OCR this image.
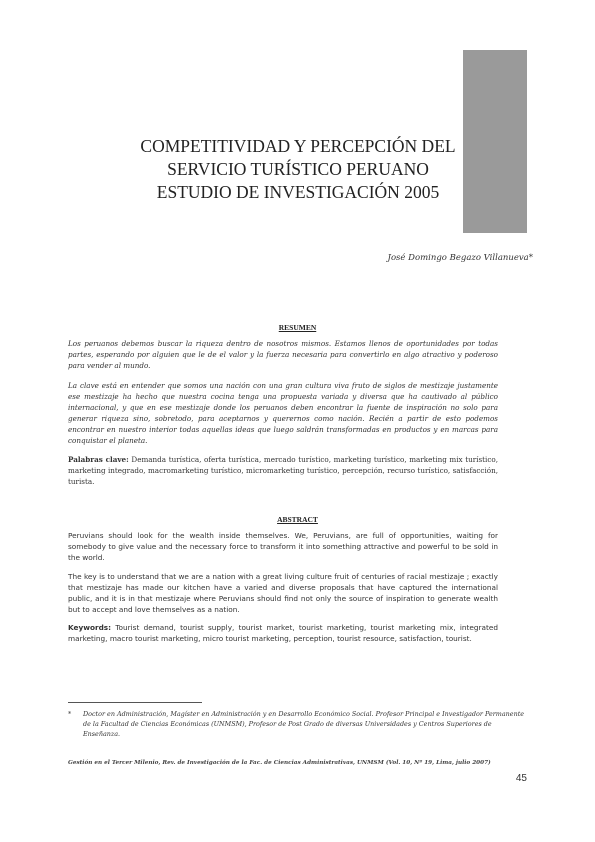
COMPETITIVIDAD Y PERCEPCIÓN DEL
SERVICIO TURÍSTICO PERUANO
ESTUDIO DE INVESTIGACIÓN 2005
José Domingo Begazo Villanueva*
RESUMEN
Los peruanos debemos buscar la riqueza dentro de nosotros mismos. Estamos llenos de oportunidades por todas partes, esperando por alguien que le de el valor y la fuerza necesaria para convertirlo en algo atractivo y poderoso para vender al mundo.
La clave está en entender que somos una nación con una gran cultura viva fruto de siglos de mestizaje justamente ese mestizaje ha hecho que nuestra cocina tenga una propuesta variada y diversa que ha cautivado al público internacional, y que en ese mestizaje donde los peruanos deben encontrar la fuente de inspiración no solo para generar riqueza sino, sobretodo, para aceptarnos y querernos como nación. Recién a partir de esto podemos encontrar en nuestro interior todas aquellas ideas que luego saldrán transformadas en productos y en marcas para conquistar el planeta.
Palabras clave: Demanda turística, oferta turística, mercado turístico, marketing turístico, marketing mix turístico, marketing integrado, macromarketing turístico, micromarketing turístico, percepción, recurso turístico, satisfacción, turista.
ABSTRACT
Peruvians should look for the wealth inside themselves. We, Peruvians, are full of opportunities, waiting for somebody to give value and the necessary force to transform it into something attractive and powerful to be sold in the world.
The key is to understand that we are a nation with a great living culture fruit of centuries of racial mestizaje ; exactly that mestizaje has made our kitchen have a varied and diverse proposals that have captured the international public, and it is in that mestizaje where Peruvians should find not only the source of inspiration to generate wealth but to accept and love themselves as a nation.
Keywords: Tourist demand, tourist supply, tourist market, tourist marketing, tourist marketing mix, integrated marketing, macro tourist marketing, micro tourist marketing, perception, tourist resource, satisfaction, tourist.
* Doctor en Administración, Magíster en Administración y en Desarrollo Económico Social. Profesor Principal e Investigador Permanente de la Facultad de Ciencias Económicas (UNMSM), Profesor de Post Grado de diversas Universidades y Centros Superiores de Enseñanza.
Gestión en el Tercer Milenio, Rev. de Investigación de la Fac. de Ciencias Administrativas, UNMSM (Vol. 10, Nº 19, Lima, julio 2007)
45
